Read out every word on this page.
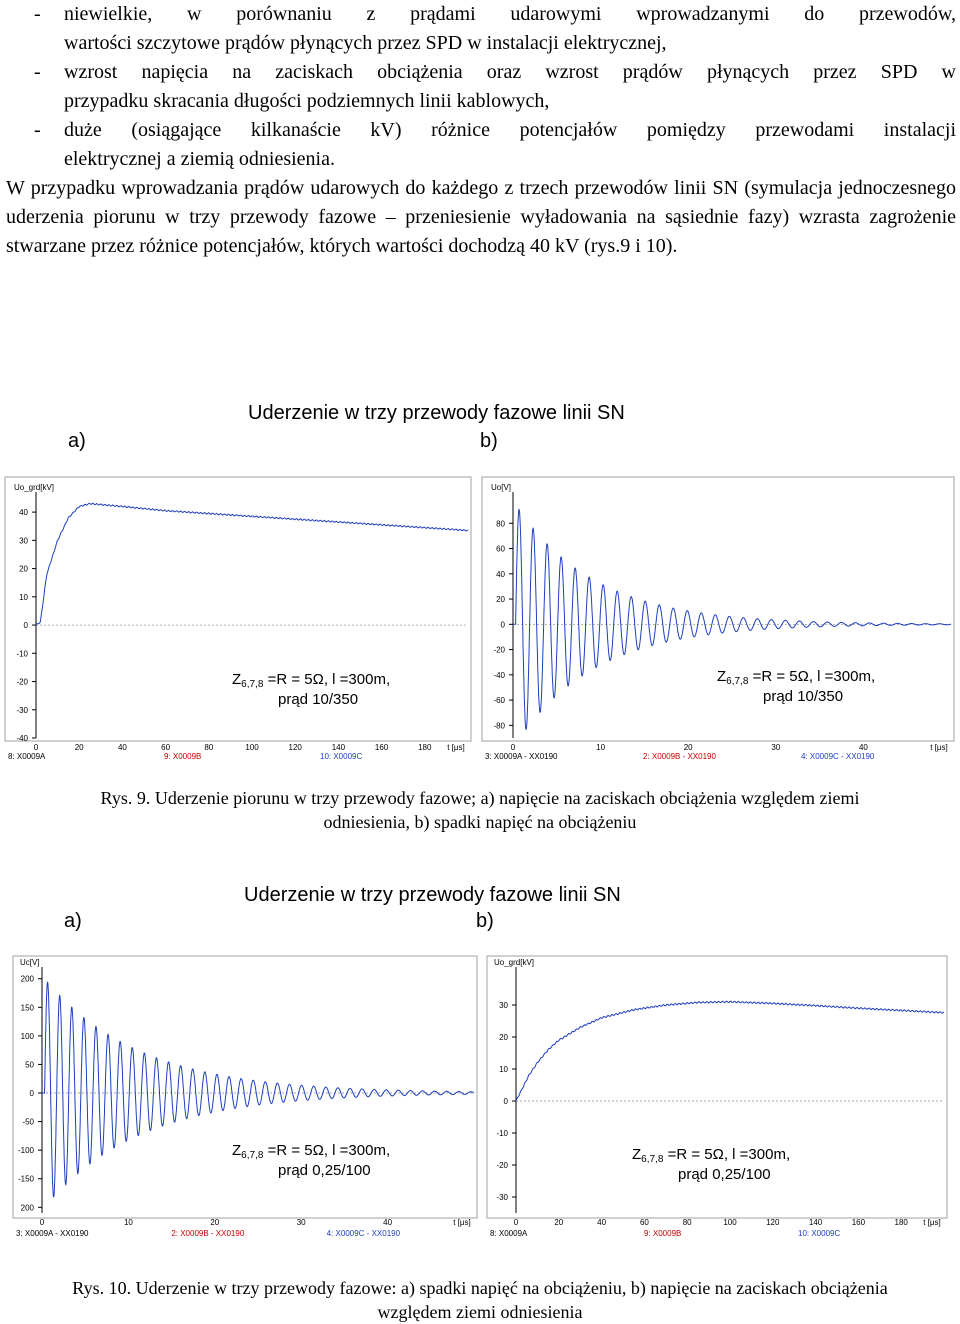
- niewielkie, w porównaniu z prądami udarowymi wprowadzanymi do przewodów,
wartości szczytowe prądów płynących przez SPD w instalacji elektrycznej,
- wzrost napięcia na zaciskach obciążenia oraz wzrost prądów płynących przez SPD w
przypadku skracania długości podziemnych linii kablowych,
- duże (osiągające kilkanaście kV) różnice potencjałów pomiędzy przewodami instalacji
elektrycznej a ziemią odniesienia.
W przypadku wprowadzania prądów udarowych do każdego z trzech przewodów linii SN (symulacja jednoczesnego uderzenia piorunu w trzy przewody fazowe – przeniesienie wyładowania na sąsiednie fazy) wzrasta zagrożenie stwarzane przez różnice potencjałów, których wartości dochodzą 40 kV (rys.9 i 10).
Uderzenie w trzy przewody fazowe linii SN
a)	b)
Uo_grd[kV]
40
30
20
10
0
-10
-20
-30
-40
0	20	40	60	80	100	120	140	160	180 t [μs]
8: X0009A	9: X0009B	10: X0009C
$Z_{6,7,8} =R = 5\Omega$, l =300m,
prąd 10/350
Uo[V]
80
60
40
20
0
-20
-40
-60
-80
0	10	20	30	40	t [μs]
3: X0009A - XX0190	2: X0009B - XX0190	4: X0009C - XX0190
$Z_{6,7,8} =R = 5\Omega$, l =300m,
prąd 10/350
Rys. 9. Uderzenie piorunu w trzy przewody fazowe; a) napięcie na zaciskach obciążenia względem ziemi
odniesienia, b) spadki napięć na obciążeniu
Uderzenie w trzy przewody fazowe linii SN
a)	b)
Uc[V]
200
150
100
50
0
-50
-100
-150
200
0	10	20	30	40	t [μs]
3: X0009A - XX0190	2: X0009B - XX0190	4: X0009C - XX0190
$Z_{6,7,8} =R = 5\Omega$, l =300m,
prąd 0,25/100
Uo_grd[kV]
30
20
10
0
-10
-20
-30
0	20	40	60	80	100	120	140	160	180 t [μs]
8: X0009A	9: X0009B	10: X0009C
$Z_{6,7,8} =R = 5\Omega$, l =300m,
prąd 0,25/100
Rys. 10. Uderzenie w trzy przewody fazowe: a) spadki napięć na obciążeniu, b) napięcie na zaciskach obciążenia
względem ziemi odniesienia
